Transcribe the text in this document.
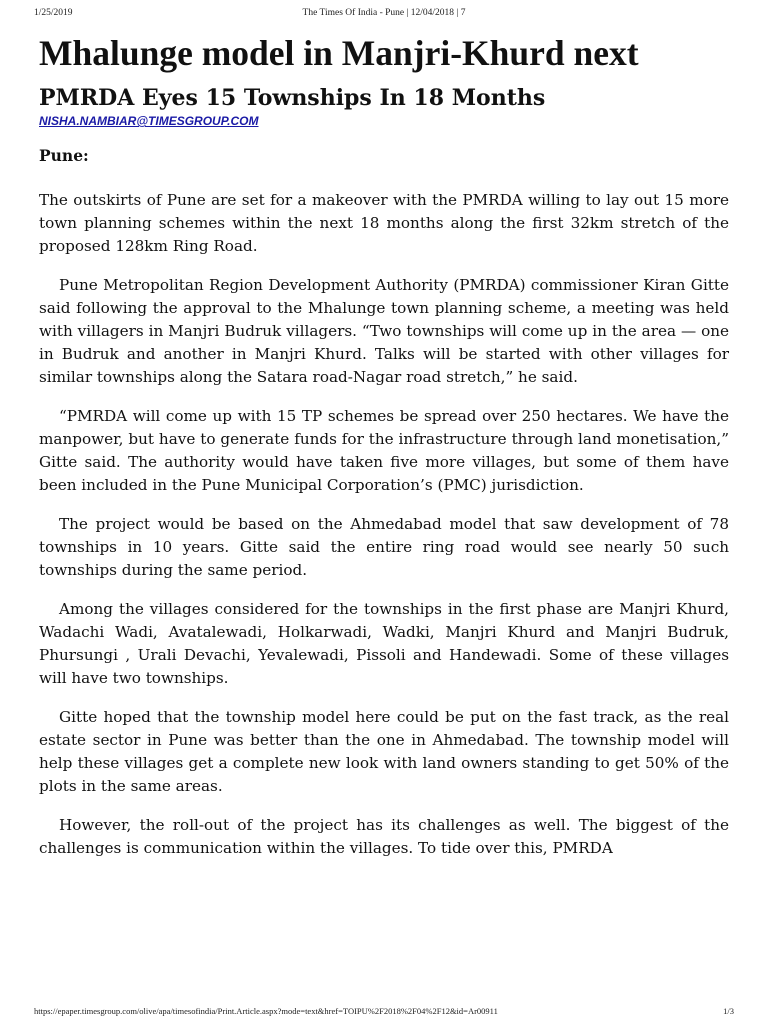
1/25/2019	The Times Of India - Pune | 12/04/2018 | 7
Mhalunge model in Manjri-Khurd next
PMRDA Eyes 15 Townships In 18 Months
NISHA.NAMBIAR@TIMESGROUP.COM

Pune:

The outskirts of Pune are set for a makeover with the PMRDA willing to lay out 15 more town planning schemes within the next 18 months along the first 32km stretch of the proposed 128km Ring Road.

Pune Metropolitan Region Development Authority (PMRDA) commissioner Kiran Gitte said following the approval to the Mhalunge town planning scheme, a meeting was held with villagers in Manjri Budruk villagers. “Two townships will come up in the area — one in Budruk and another in Manjri Khurd. Talks will be started with other villages for similar townships along the Satara road-Nagar road stretch,” he said.

“PMRDA will come up with 15 TP schemes be spread over 250 hectares. We have the manpower, but have to generate funds for the infrastructure through land monetisation,” Gitte said. The authority would have taken five more villages, but some of them have been included in the Pune Municipal Corporation’s (PMC) jurisdiction.

The project would be based on the Ahmedabad model that saw development of 78 townships in 10 years. Gitte said the entire ring road would see nearly 50 such townships during the same period.

Among the villages considered for the townships in the first phase are Manjri Khurd, Wadachi Wadi, Avatalewadi, Holkarwadi, Wadki, Manjri Khurd and Manjri Budruk, Phursungi , Urali Devachi, Yevalewadi, Pissoli and Handewadi. Some of these villages will have two townships.

Gitte hoped that the township model here could be put on the fast track, as the real estate sector in Pune was better than the one in Ahmedabad. The township model will help these villages get a complete new look with land owners standing to get 50% of the plots in the same areas.

However, the roll-out of the project has its challenges as well. The biggest of the challenges is communication within the villages. To tide over this, PMRDA

https://epaper.timesgroup.com/olive/apa/timesofindia/Print.Article.aspx?mode=text&href=TOIPU%2F2018%2F04%2F12&id=Ar00911	1/3
